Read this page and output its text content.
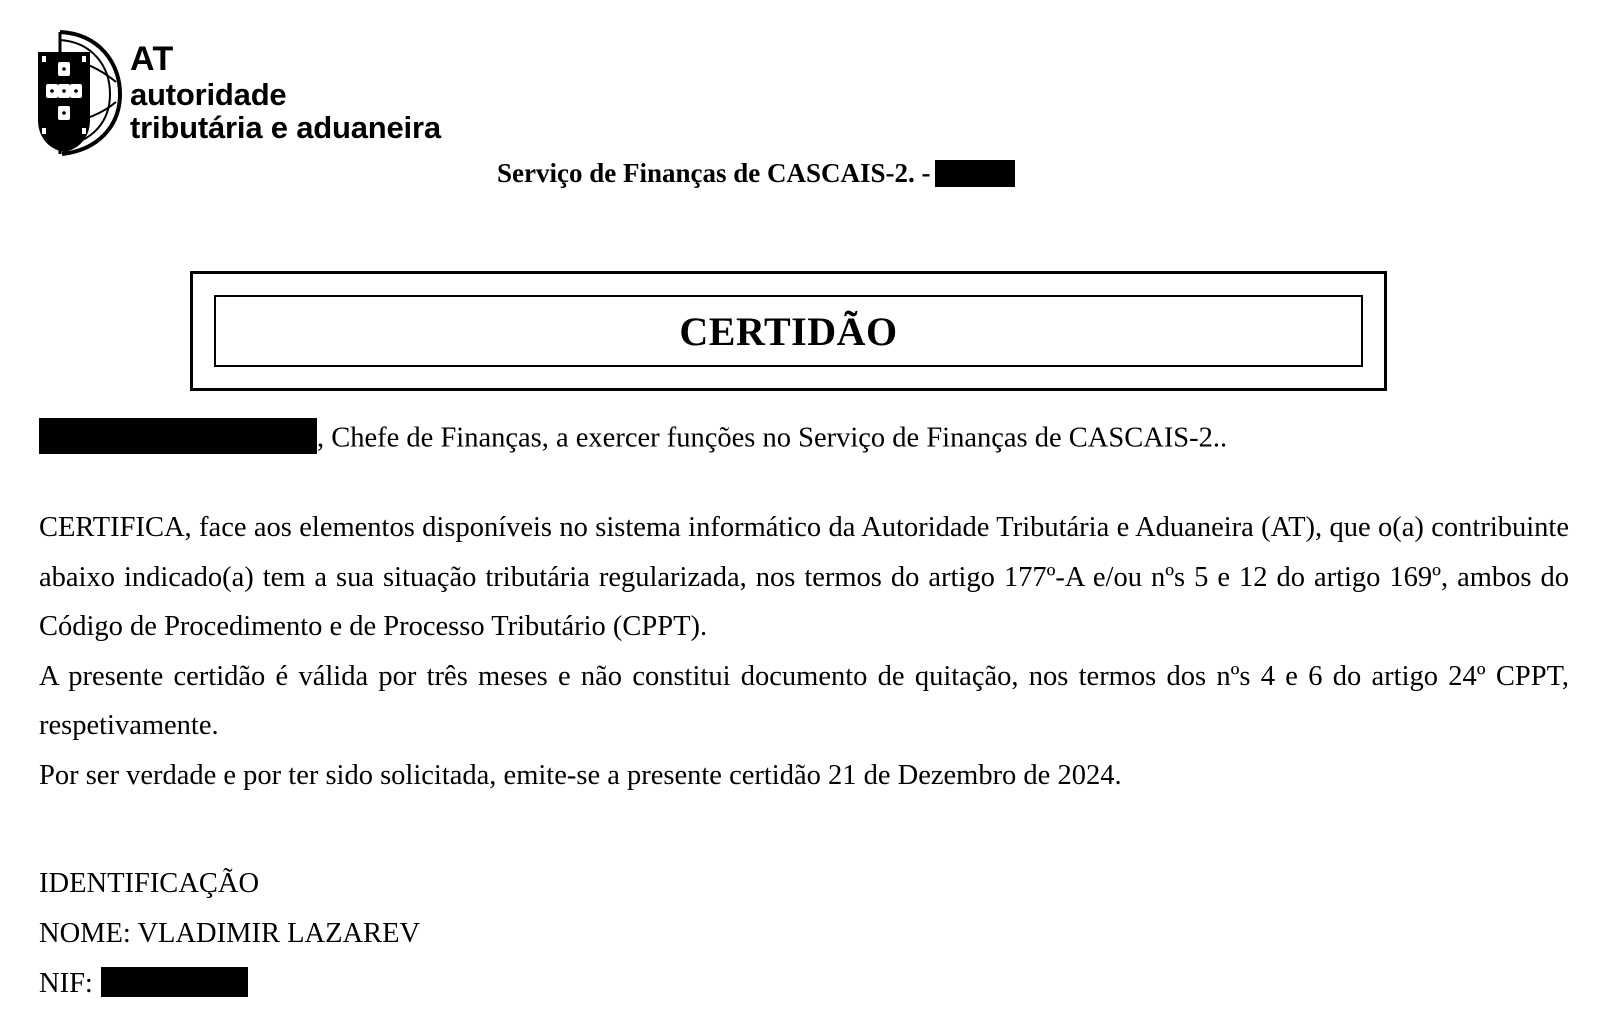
AT
autoridade
tributária e aduaneira
Serviço de Finanças de CASCAIS-2. -
CERTIDÃO
, Chefe de Finanças, a exercer funções no Serviço de Finanças de CASCAIS-2..

CERTIFICA, face aos elementos disponíveis no sistema informático da Autoridade Tributária e Aduaneira (AT), que o(a) contribuinte abaixo indicado(a) tem a sua situação tributária regularizada, nos termos do artigo 177º-A e/ou nºs 5 e 12 do artigo 169º, ambos do Código de Procedimento e de Processo Tributário (CPPT).

A presente certidão é válida por três meses e não constitui documento de quitação, nos termos dos nºs 4 e 6 do artigo 24º CPPT, respetivamente.

Por ser verdade e por ter sido solicitada, emite-se a presente certidão 21 de Dezembro de 2024.

IDENTIFICAÇÃO
NOME: VLADIMIR LAZAREV
NIF:
